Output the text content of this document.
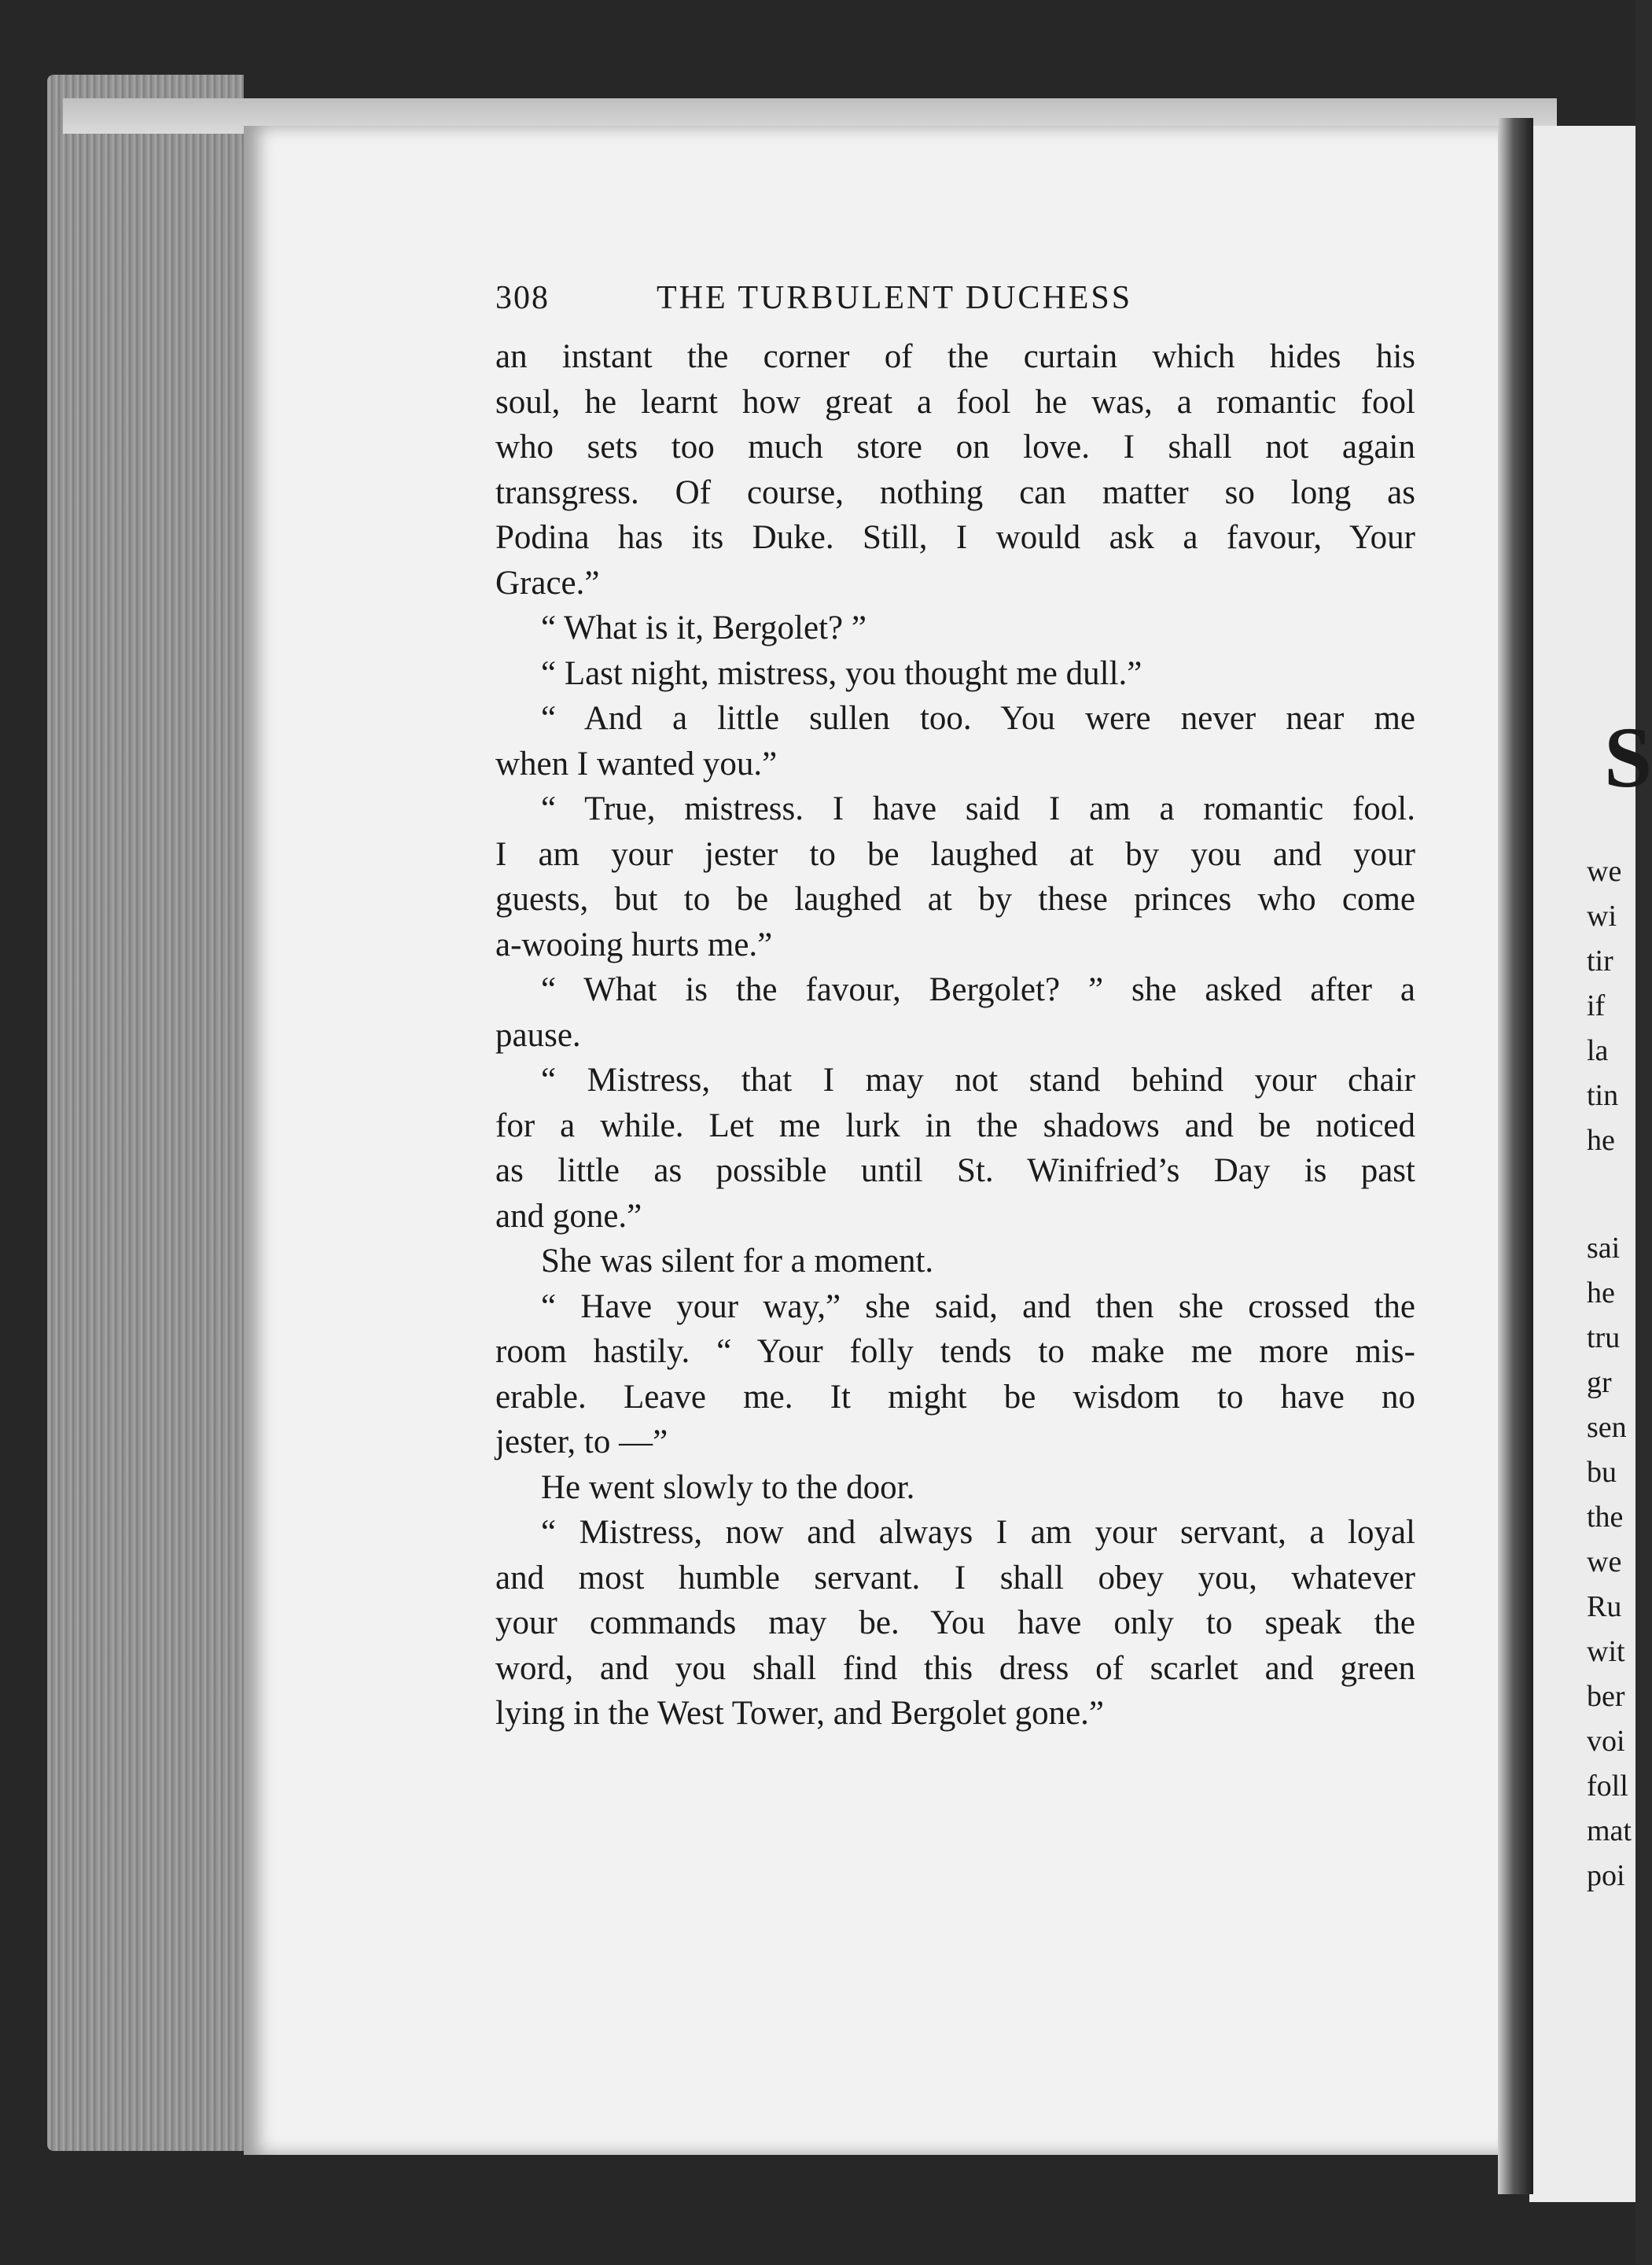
308	THE TURBULENT DUCHESS
an instant the corner of the curtain which hides his
soul, he learnt how great a fool he was, a romantic fool
who sets too much store on love. I shall not again
transgress. Of course, nothing can matter so long as
Podina has its Duke. Still, I would ask a favour, Your
Grace.”
“ What is it, Bergolet? ”
“ Last night, mistress, you thought me dull.”
“ And a little sullen too. You were never near me
when I wanted you.”
“ True, mistress. I have said I am a romantic fool.
I am your jester to be laughed at by you and your
guests, but to be laughed at by these princes who come
a-wooing hurts me.”
“ What is the favour, Bergolet? ” she asked after a
pause.
“ Mistress, that I may not stand behind your chair
for a while. Let me lurk in the shadows and be noticed
as little as possible until St. Winifried’s Day is past
and gone.”
She was silent for a moment.
“ Have your way,” she said, and then she crossed the
room hastily. “ Your folly tends to make me more mis-
erable. Leave me. It might be wisdom to have no
jester, to —”
He went slowly to the door.
“ Mistress, now and always I am your servant, a loyal
and most humble servant. I shall obey you, whatever
your commands may be. You have only to speak the
word, and you shall find this dress of scarlet and green
lying in the West Tower, and Bergolet gone.”
S
we
wi
tir
if
la
tin
he
sai
he
tru
gr
sen
bu
the
we
Ru
wit
ber
voi
foll
mat
poi
